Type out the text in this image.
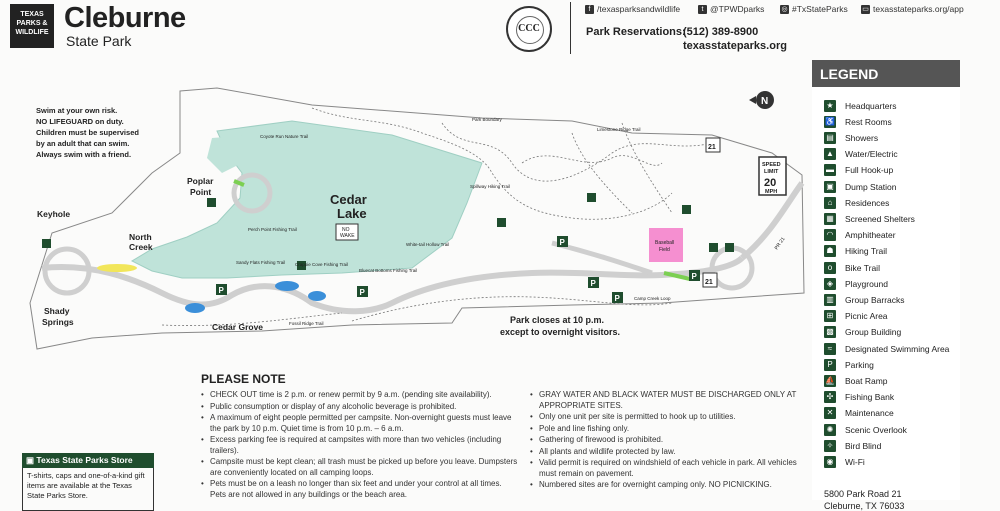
TEXAS
PARKS &
WILDLIFE Cleburne
State Park
CCC
f /texasparksandwildlife	t @TPWDparks ◎ #TxStateParks ▭ texasstateparks.org/app
Park Reservations:
(512) 389-8900
texasstateparks.org
P
P
P
P
P	P
N
Swim at your own risk.
NO LIFEGUARD on duty.
Children must be supervised
by an adult that can swim.
Always swim with a friend.
Cedar
Lake
NO
WAKE
Poplar
Point
Keyhole
North
Creek
Shady
Springs	Cedar Grove
SPEED
LIMIT
20
MPH
21
21
Park closes at 10 p.m.
except to overnight visitors.
Coyote Run Nature Trail
Park Boundary
Limestone Ridge Trail
Perch Point Fishing Trail
Sandy Flats Fishing Trail Crappie Cove Fishing Trail
Bluecat Bottoms Fishing Trail
White-tail Hollow Trail
Fossil Ridge Trail
Camp Creek Loop
Spillway Hiking Trail
Baseball
Field	PR 21
LEGEND
★ Headquarters
♿ Rest Rooms
▤ Showers
▲ Water/Electric
▬ Full Hook-up
▣ Dump Station
⌂	Residences
▦ Screened Shelters
◠ Amphitheater
☗ Hiking Trail
ᴏ	Bike Trail
◈	Playground
▥ Group Barracks
⊞	Picnic Area
▩ Group Building
≈	Designated Swimming Area
P	Parking
⛵ Boat Ramp
✣	Fishing Bank
✕	Maintenance
✺	Scenic Overlook
✧	Bird Blind
◉ Wi-Fi
5800 Park Road 21
Cleburne, TX 76033
PLEASE NOTE
• CHECK OUT time is 2 p.m. or renew permit by 9 a.m. (pending site availability).
• Public consumption or display of any alcoholic beverage is prohibited.
• A maximum of eight people permitted per campsite. Non-overnight guests must leave the park by 10 p.m. Quiet time is from 10 p.m. – 6 a.m.
• Excess parking fee is required at campsites with more than two vehicles (including trailers).
• Campsite must be kept clean; all trash must be picked up before you leave. Dumpsters are conveniently located on all camping loops.
• Pets must be on a leash no longer than six feet and under your control at all times. Pets are not allowed in any buildings or the beach area.
• GRAY WATER AND BLACK WATER MUST BE DISCHARGED ONLY AT APPROPRIATE SITES.
• Only one unit per site is permitted to hook up to utilities.
• Pole and line fishing only.
• Gathering of firewood is prohibited.
• All plants and wildlife protected by law.
• Valid permit is required on windshield of each vehicle in park. All vehicles must remain on pavement.
• Numbered sites are for overnight camping only. NO PICNICKING.
▣ Texas State Parks Store
T-shirts, caps and one-of-a-kind gift items are available at the Texas State Parks Store.
